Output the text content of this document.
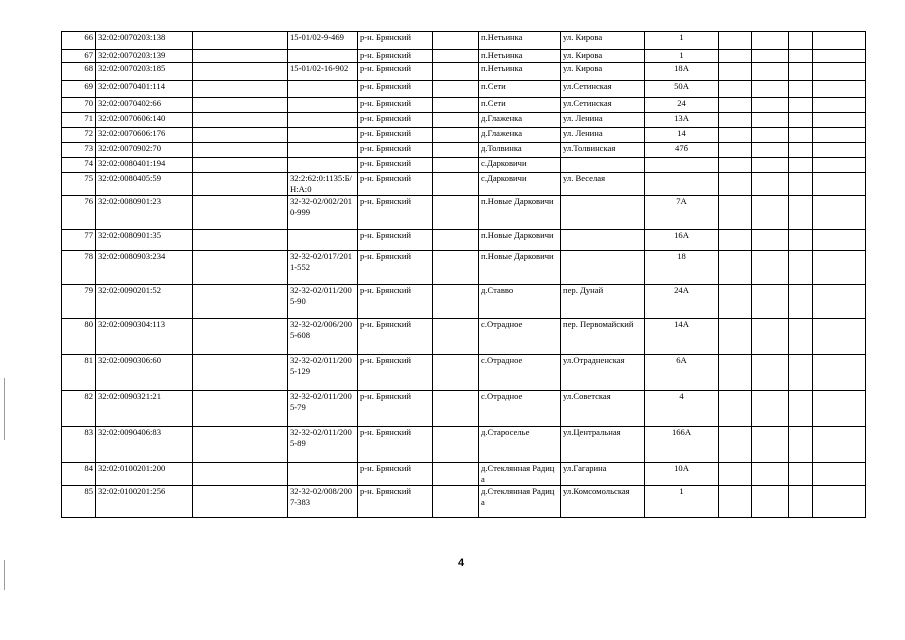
66	32:02:0070203:138		15-01/02-9-469	р-н. Брянский		п.Нетьинка	ул. Кирова	1				
67	32:02:0070203:139			р-н. Брянский		п.Нетьинка	ул. Кирова	1				
68	32:02:0070203:185		15-01/02-16-902	р-н. Брянский		п.Нетьинка	ул. Кирова	18А				
69	32:02:0070401:114			р-н. Брянский		п.Сети	ул.Сетинская	50А				
70	32:02:0070402:66			р-н. Брянский		п.Сети	ул.Сетинская	24				
71	32:02:0070606:140			р-н. Брянский		д.Глаженка	ул. Ленина	13А				
72	32:02:0070606:176			р-н. Брянский		д.Глаженка	ул. Ленина	14				
73	32:02:0070902:70			р-н. Брянский		д.Толвинка	ул.Толвинская	47б				
74	32:02:0080401:194			р-н. Брянский		с.Дарковичи						
75	32:02:0080405:59		32:2:62:0:1135:Б/Н:А:0	р-н. Брянский		с.Дарковичи	ул. Веселая					
76	32:02:0080901:23		32-32-02/002/2010-999	р-н. Брянский		п.Новые Дарковичи		7А				
77	32:02:0080901:35			р-н. Брянский		п.Новые Дарковичи		16А				
78	32:02:0080903:234		32-32-02/017/2011-552	р-н. Брянский		п.Новые Дарковичи		18				
79	32:02:0090201:52		32-32-02/011/2005-90	р-н. Брянский		д.Ставво	пер. Дунай	24А				
80	32:02:0090304:113		32-32-02/006/2005-608	р-н. Брянский		с.Отрадное	пер. Первомайский	14А				
81	32:02:0090306:60		32-32-02/011/2005-129	р-н. Брянский		с.Отрадное	ул.Отрадненская	6А				
82	32:02:0090321:21		32-32-02/011/2005-79	р-н. Брянский		с.Отрадное	ул.Советская	4				
83	32:02:0090406:83		32-32-02/011/2005-89	р-н. Брянский		д.Староселье	ул.Центральная	166А				
84	32:02:0100201:200			р-н. Брянский		д.Стеклянная Радица	ул.Гагарина	10А				
85	32:02:0100201:256		32-32-02/008/2007-383	р-н. Брянский		д.Стеклянная Радица	ул.Комсомольская	1				
4
